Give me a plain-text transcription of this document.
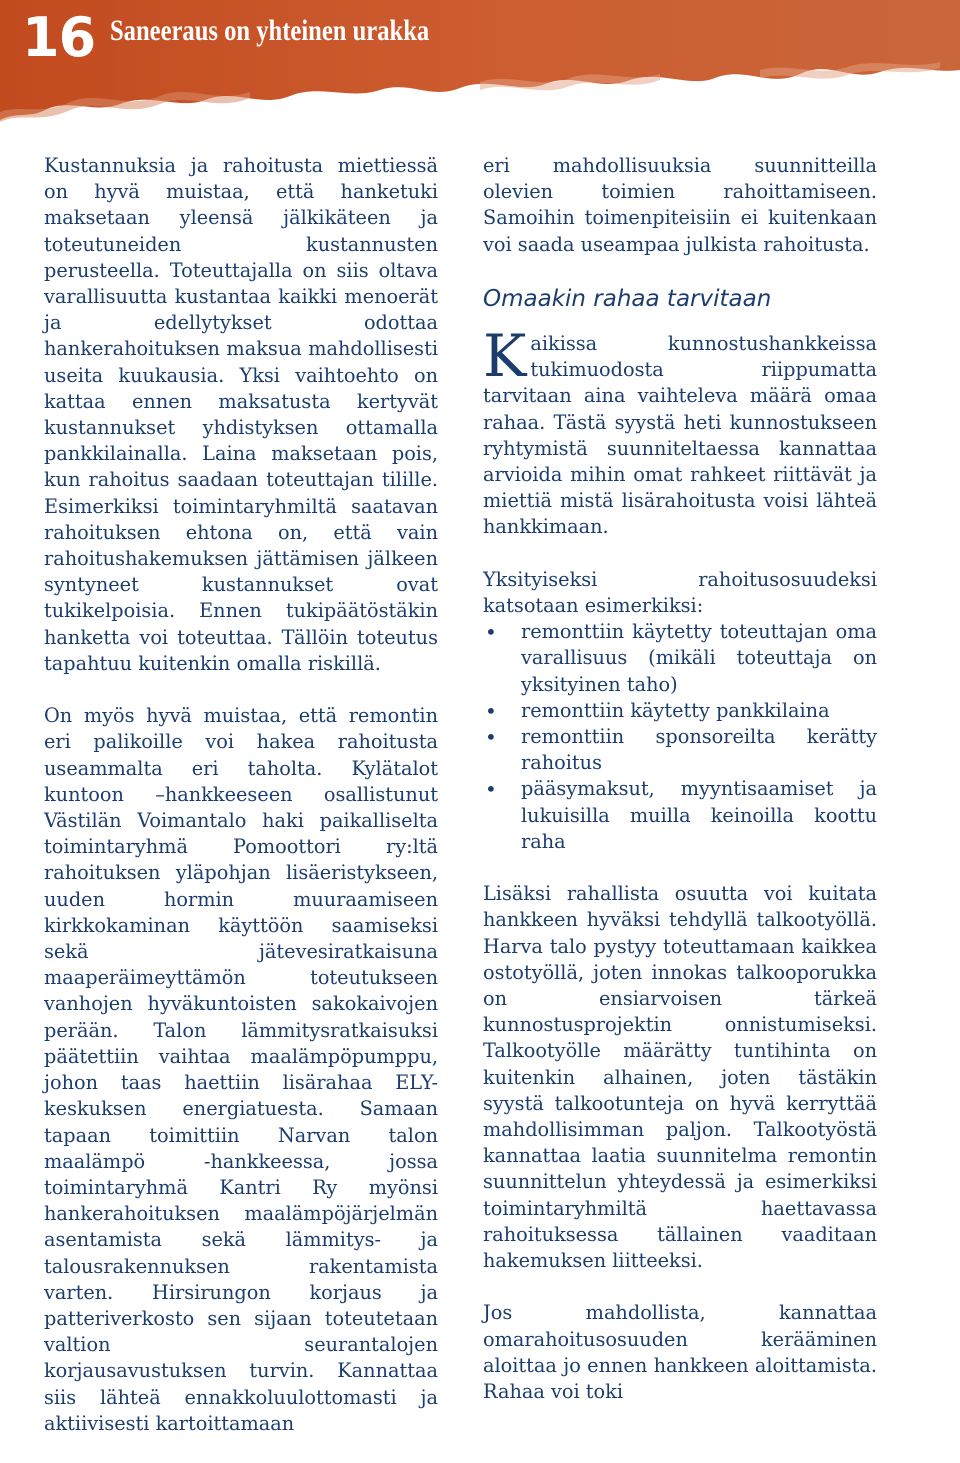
16 Saneeraus on yhteinen urakka

Kustannuksia ja rahoitusta miettiessä on hyvä muistaa, että hanketuki maksetaan yleensä jälkikäteen ja toteutuneiden kustannusten perusteella. Toteuttajalla on siis oltava varallisuutta kustantaa kaikki menoerät ja edellytykset odottaa hankerahoituksen maksua mahdollisesti useita kuukausia. Yksi vaihtoehto on kattaa ennen maksatusta kertyvät kustannukset yhdistyksen ottamalla pankkilainalla. Laina maksetaan pois, kun rahoitus saadaan toteuttajan tilille. Esimerkiksi toimintaryhmiltä saatavan rahoituksen ehtona on, että vain rahoitushakemuksen jättämisen jälkeen syntyneet kustannukset ovat tukikelpoisia. Ennen tukipäätöstäkin hanketta voi toteuttaa. Tällöin toteutus tapahtuu kuitenkin omalla riskillä.

On myös hyvä muistaa, että remontin eri palikoille voi hakea rahoitusta useammalta eri taholta. Kylätalot kuntoon –hankkeeseen osallistunut Västilän Voimantalo haki paikalliselta toimintaryhmä Pomoottori ry:ltä rahoituksen yläpohjan lisäeristykseen, uuden hormin muuraamiseen kirkkokaminan käyttöön saamiseksi sekä jätevesiratkaisuna maaperäimeyttämön toteutukseen vanhojen hyväkuntoisten sakokaivojen perään. Talon lämmitysratkaisuksi päätettiin vaihtaa maalämpöpumppu, johon taas haettiin lisärahaa ELY-keskuksen energiatuesta. Samaan tapaan toimittiin Narvan talon maalämpö -hankkeessa, jossa toimintaryhmä Kantri Ry myönsi hankerahoituksen maalämpöjärjelmän asentamista sekä lämmitys- ja talousrakennuksen rakentamista varten. Hirsirungon korjaus ja patteriverkosto sen sijaan toteutetaan valtion seurantalojen korjausavustuksen turvin. Kannattaa siis lähteä ennakkoluulottomasti ja aktiivisesti kartoittamaan

eri mahdollisuuksia suunnitteilla olevien toimien rahoittamiseen. Samoihin toimenpiteisiin ei kuitenkaan voi saada useampaa julkista rahoitusta.

Omaakin rahaa tarvitaan

Kaikissa kunnostushankkeissa tukimuodosta riippumatta tarvitaan aina vaihteleva määrä omaa rahaa. Tästä syystä heti kunnostukseen ryhtymistä suunniteltaessa kannattaa arvioida mihin omat rahkeet riittävät ja miettiä mistä lisärahoitusta voisi lähteä hankkimaan.

Yksityiseksi rahoitusosuudeksi katsotaan esimerkiksi:

• remonttiin käytetty toteuttajan oma varallisuus (mikäli toteuttaja on yksityinen taho)
• remonttiin käytetty pankkilaina
• remonttiin sponsoreilta kerätty rahoitus
• pääsymaksut, myyntisaamiset ja lukuisilla muilla keinoilla koottu raha

Lisäksi rahallista osuutta voi kuitata hankkeen hyväksi tehdyllä talkootyöllä. Harva talo pystyy toteuttamaan kaikkea ostotyöllä, joten innokas talkooporukka on ensiarvoisen tärkeä kunnostusprojektin onnistumiseksi. Talkootyölle määrätty tuntihinta on kuitenkin alhainen, joten tästäkin syystä talkootunteja on hyvä kerryttää mahdollisimman paljon. Talkootyöstä kannattaa laatia suunnitelma remontin suunnittelun yhteydessä ja esimerkiksi toimintaryhmiltä haettavassa rahoituksessa tällainen vaaditaan hakemuksen liitteeksi.

Jos mahdollista, kannattaa omarahoitusosuuden kerääminen aloittaa jo ennen hankkeen aloittamista. Rahaa voi toki
